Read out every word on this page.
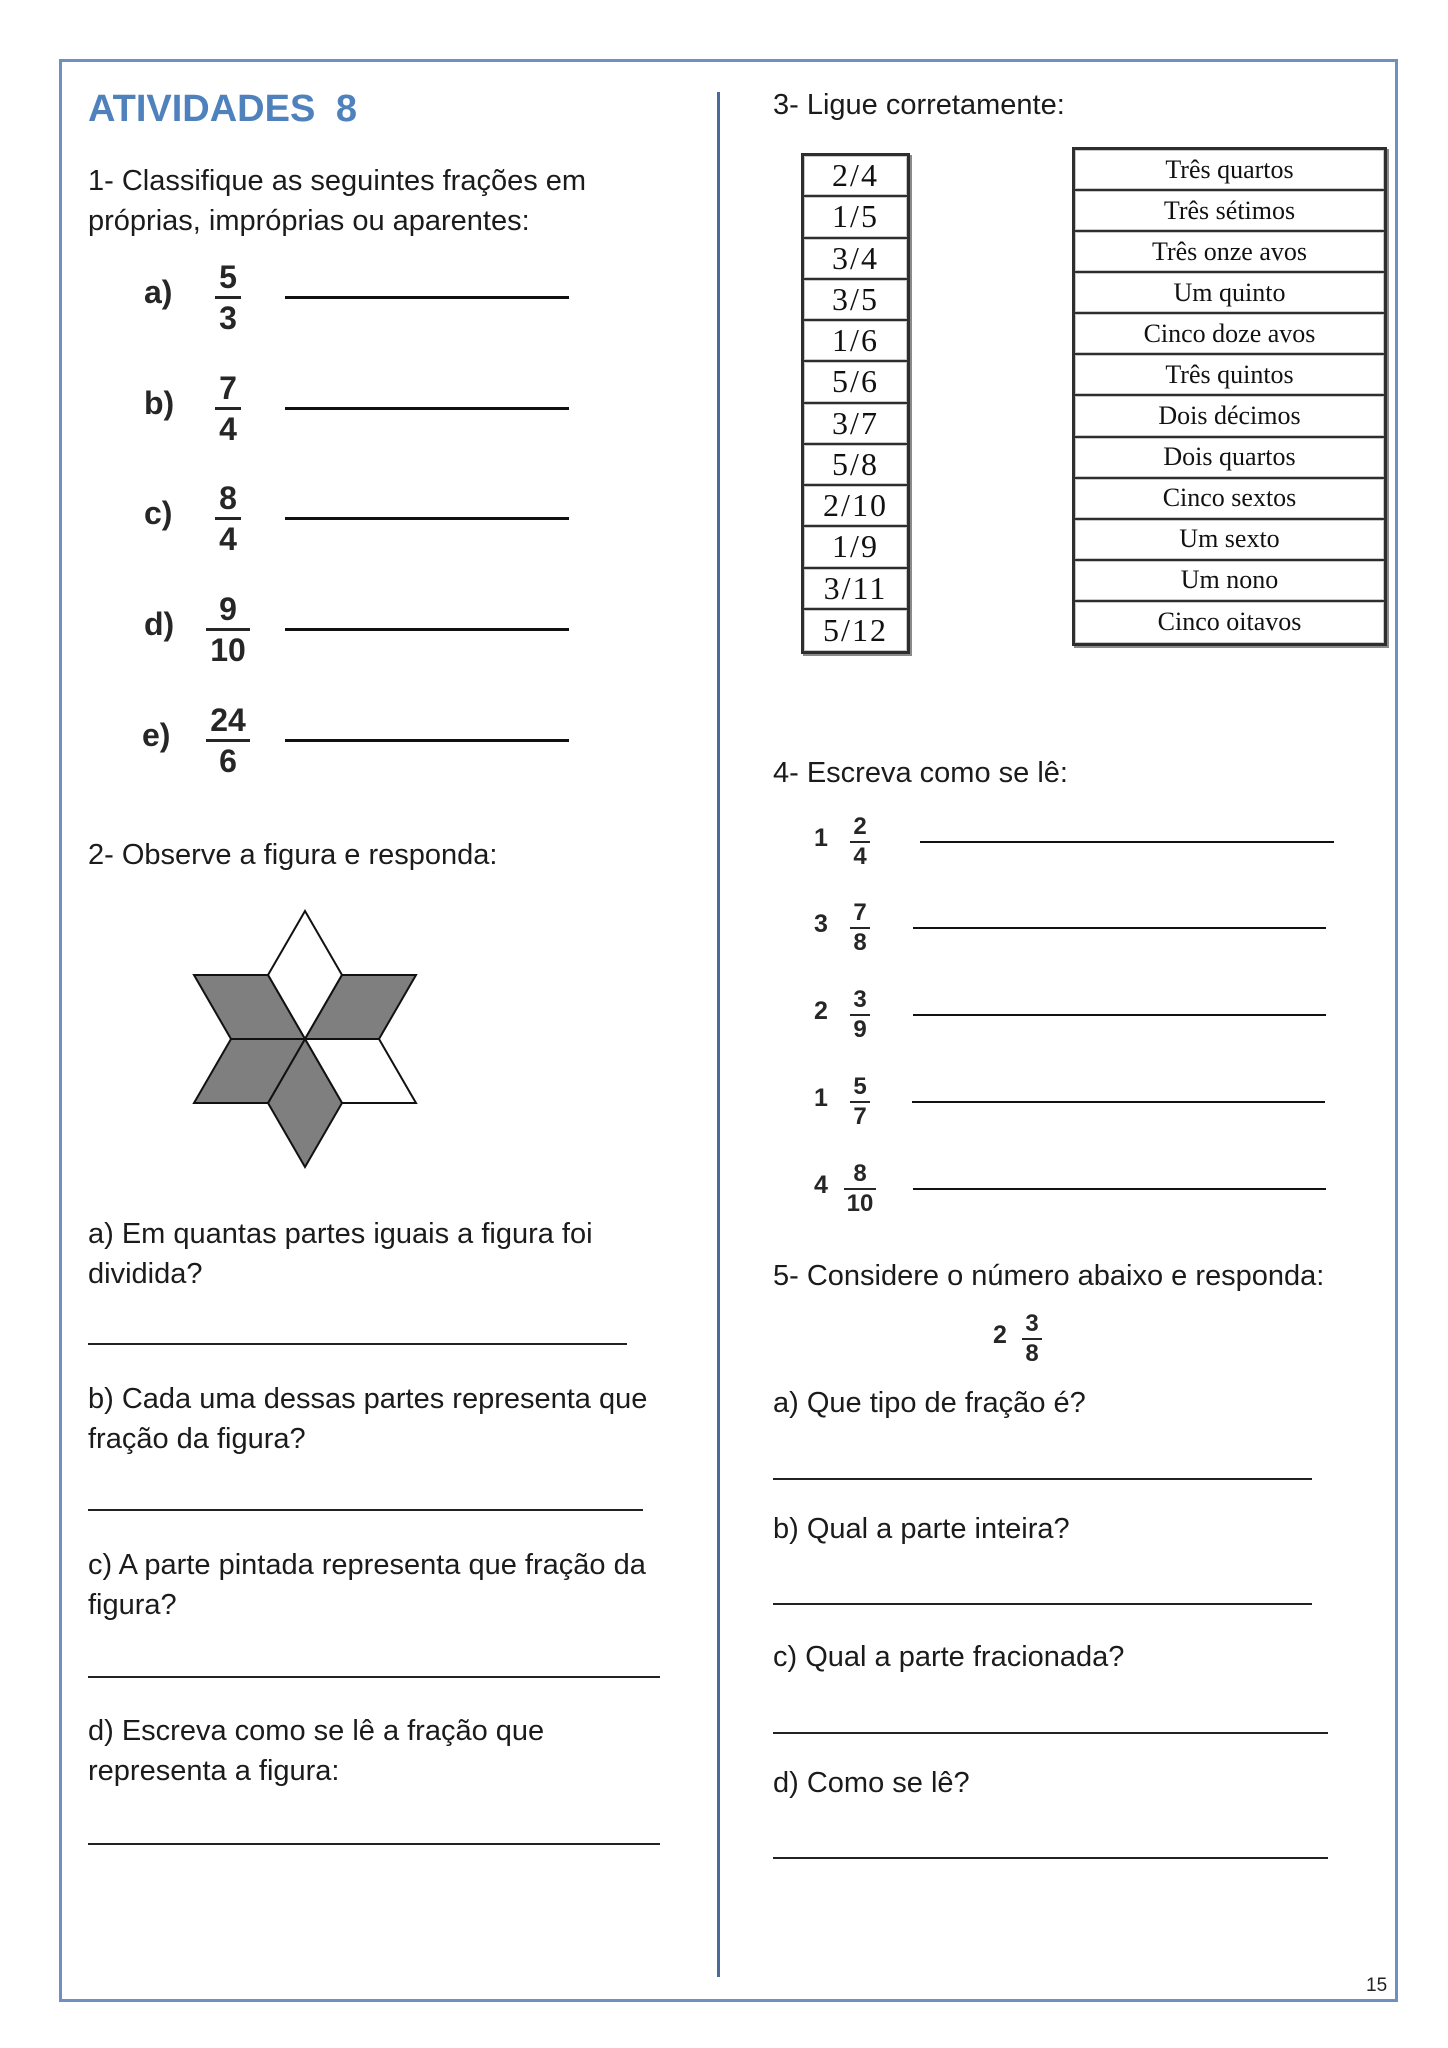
ATIVIDADES 8
1- Classifique as seguintes frações em
próprias, impróprias ou aparentes:
$a) \frac{5}{3}$
$b) \frac{7}{4}$
$c) \frac{8}{4}$
$d) \frac{9}{10}$
$e) \frac{24}{6}$
2- Observe a figura e responda:
a) Em quantas partes iguais a figura foi
dividida?
b) Cada uma dessas partes representa que
fração da figura?
c) A parte pintada representa que fração da
figura?
d) Escreva como se lê a fração que
representa a figura:
3- Ligue corretamente:
2/4
1/5
3/4
3/5
1/6
5/6
3/7
5/8
2/10
1/9
3/11
5/12
Três quartos
Três sétimos
Três onze avos
Um quinto
Cinco doze avos
Três quintos
Dois décimos
Dois quartos
Cinco sextos
Um sexto
Um nono
Cinco oitavos
4- Escreva como se lê:
$1 \frac{2}{4}$
$3 \frac{7}{8}$
$2 \frac{3}{9}$
$1 \frac{5}{7}$
$4 \frac{8}{10}$
5- Considere o número abaixo e responda:
$2 \frac{3}{8}$
a) Que tipo de fração é?
b) Qual a parte inteira?
c) Qual a parte fracionada?
d) Como se lê?
15
